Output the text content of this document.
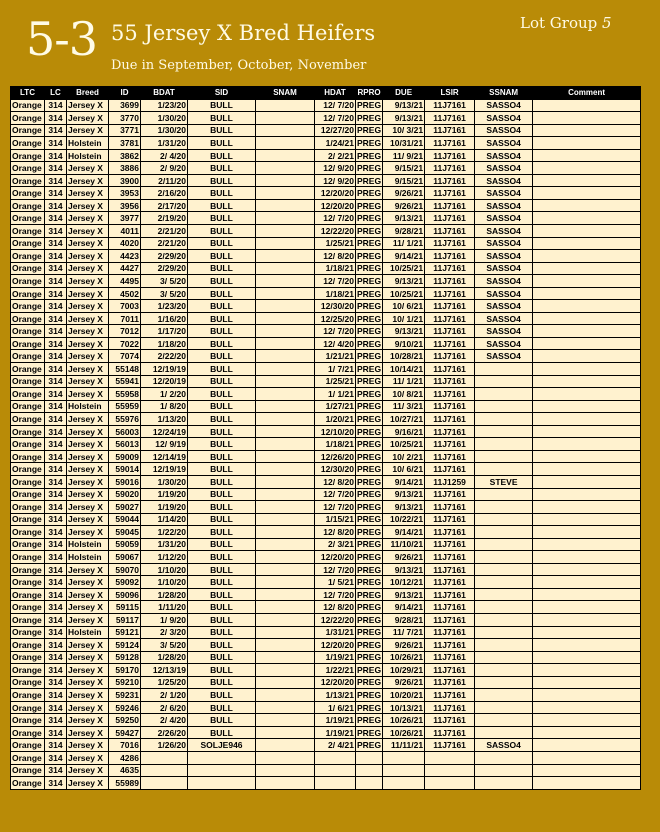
5-3 55 Jersey X Bred Heifers
Due in September, October, November
Lot Group 5
LTC	LC	Breed	ID	BDAT	SID	SNAM	HDAT	RPRO	DUE	LSIR	SSNAM	Comment
Orange	314	Jersey X	3699	1/23/20	BULL		12/ 7/20	PREG	9/13/21	11J7161	SASSO4	
Orange	314	Jersey X	3770	1/30/20	BULL		12/ 7/20	PREG	9/13/21	11J7161	SASSO4	
Orange	314	Jersey X	3771	1/30/20	BULL		12/27/20	PREG	10/ 3/21	11J7161	SASSO4	
Orange	314	Holstein	3781	1/31/20	BULL		1/24/21	PREG	10/31/21	11J7161	SASSO4	
Orange	314	Holstein	3862	2/ 4/20	BULL		2/ 2/21	PREG	11/ 9/21	11J7161	SASSO4	
Orange	314	Jersey X	3886	2/ 9/20	BULL		12/ 9/20	PREG	9/15/21	11J7161	SASSO4	
Orange	314	Jersey X	3900	2/11/20	BULL		12/ 9/20	PREG	9/15/21	11J7161	SASSO4	
Orange	314	Jersey X	3953	2/16/20	BULL		12/20/20	PREG	9/26/21	11J7161	SASSO4	
Orange	314	Jersey X	3956	2/17/20	BULL		12/20/20	PREG	9/26/21	11J7161	SASSO4	
Orange	314	Jersey X	3977	2/19/20	BULL		12/ 7/20	PREG	9/13/21	11J7161	SASSO4	
Orange	314	Jersey X	4011	2/21/20	BULL		12/22/20	PREG	9/28/21	11J7161	SASSO4	
Orange	314	Jersey X	4020	2/21/20	BULL		1/25/21	PREG	11/ 1/21	11J7161	SASSO4	
Orange	314	Jersey X	4423	2/29/20	BULL		12/ 8/20	PREG	9/14/21	11J7161	SASSO4	
Orange	314	Jersey X	4427	2/29/20	BULL		1/18/21	PREG	10/25/21	11J7161	SASSO4	
Orange	314	Jersey X	4495	3/ 5/20	BULL		12/ 7/20	PREG	9/13/21	11J7161	SASSO4	
Orange	314	Jersey X	4502	3/ 5/20	BULL		1/18/21	PREG	10/25/21	11J7161	SASSO4	
Orange	314	Jersey X	7003	1/23/20	BULL		12/30/20	PREG	10/ 6/21	11J7161	SASSO4	
Orange	314	Jersey X	7011	1/16/20	BULL		12/25/20	PREG	10/ 1/21	11J7161	SASSO4	
Orange	314	Jersey X	7012	1/17/20	BULL		12/ 7/20	PREG	9/13/21	11J7161	SASSO4	
Orange	314	Jersey X	7022	1/18/20	BULL		12/ 4/20	PREG	9/10/21	11J7161	SASSO4	
Orange	314	Jersey X	7074	2/22/20	BULL		1/21/21	PREG	10/28/21	11J7161	SASSO4	
Orange	314	Jersey X	55148	12/19/19	BULL		1/ 7/21	PREG	10/14/21	11J7161		
Orange	314	Jersey X	55941	12/20/19	BULL		1/25/21	PREG	11/ 1/21	11J7161		
Orange	314	Jersey X	55958	1/ 2/20	BULL		1/ 1/21	PREG	10/ 8/21	11J7161		
Orange	314	Holstein	55959	1/ 8/20	BULL		1/27/21	PREG	11/ 3/21	11J7161		
Orange	314	Jersey X	55976	1/13/20	BULL		1/20/21	PREG	10/27/21	11J7161		
Orange	314	Jersey X	56003	12/24/19	BULL		12/10/20	PREG	9/16/21	11J7161		
Orange	314	Jersey X	56013	12/ 9/19	BULL		1/18/21	PREG	10/25/21	11J7161		
Orange	314	Jersey X	59009	12/14/19	BULL		12/26/20	PREG	10/ 2/21	11J7161		
Orange	314	Jersey X	59014	12/19/19	BULL		12/30/20	PREG	10/ 6/21	11J7161		
Orange	314	Jersey X	59016	1/30/20	BULL		12/ 8/20	PREG	9/14/21	11J1259	STEVE	
Orange	314	Jersey X	59020	1/19/20	BULL		12/ 7/20	PREG	9/13/21	11J7161		
Orange	314	Jersey X	59027	1/19/20	BULL		12/ 7/20	PREG	9/13/21	11J7161		
Orange	314	Jersey X	59044	1/14/20	BULL		1/15/21	PREG	10/22/21	11J7161		
Orange	314	Jersey X	59045	1/22/20	BULL		12/ 8/20	PREG	9/14/21	11J7161		
Orange	314	Holstein	59059	1/31/20	BULL		2/ 3/21	PREG	11/10/21	11J7161		
Orange	314	Holstein	59067	1/12/20	BULL		12/20/20	PREG	9/26/21	11J7161		
Orange	314	Jersey X	59070	1/10/20	BULL		12/ 7/20	PREG	9/13/21	11J7161		
Orange	314	Jersey X	59092	1/10/20	BULL		1/ 5/21	PREG	10/12/21	11J7161		
Orange	314	Jersey X	59096	1/28/20	BULL		12/ 7/20	PREG	9/13/21	11J7161		
Orange	314	Jersey X	59115	1/11/20	BULL		12/ 8/20	PREG	9/14/21	11J7161		
Orange	314	Jersey X	59117	1/ 9/20	BULL		12/22/20	PREG	9/28/21	11J7161		
Orange	314	Holstein	59121	2/ 3/20	BULL		1/31/21	PREG	11/ 7/21	11J7161		
Orange	314	Jersey X	59124	3/ 5/20	BULL		12/20/20	PREG	9/26/21	11J7161		
Orange	314	Jersey X	59128	1/28/20	BULL		1/19/21	PREG	10/26/21	11J7161		
Orange	314	Jersey X	59170	12/13/19	BULL		1/22/21	PREG	10/29/21	11J7161		
Orange	314	Jersey X	59210	1/25/20	BULL		12/20/20	PREG	9/26/21	11J7161		
Orange	314	Jersey X	59231	2/ 1/20	BULL		1/13/21	PREG	10/20/21	11J7161		
Orange	314	Jersey X	59246	2/ 6/20	BULL		1/ 6/21	PREG	10/13/21	11J7161		
Orange	314	Jersey X	59250	2/ 4/20	BULL		1/19/21	PREG	10/26/21	11J7161		
Orange	314	Jersey X	59427	2/26/20	BULL		1/19/21	PREG	10/26/21	11J7161		
Orange	314	Jersey X	7016	1/26/20	SOLJE946		2/ 4/21	PREG	11/11/21	11J7161	SASSO4	
Orange	314	Jersey X	4286									
Orange	314	Jersey X	4635									
Orange	314	Jersey X	55989									
